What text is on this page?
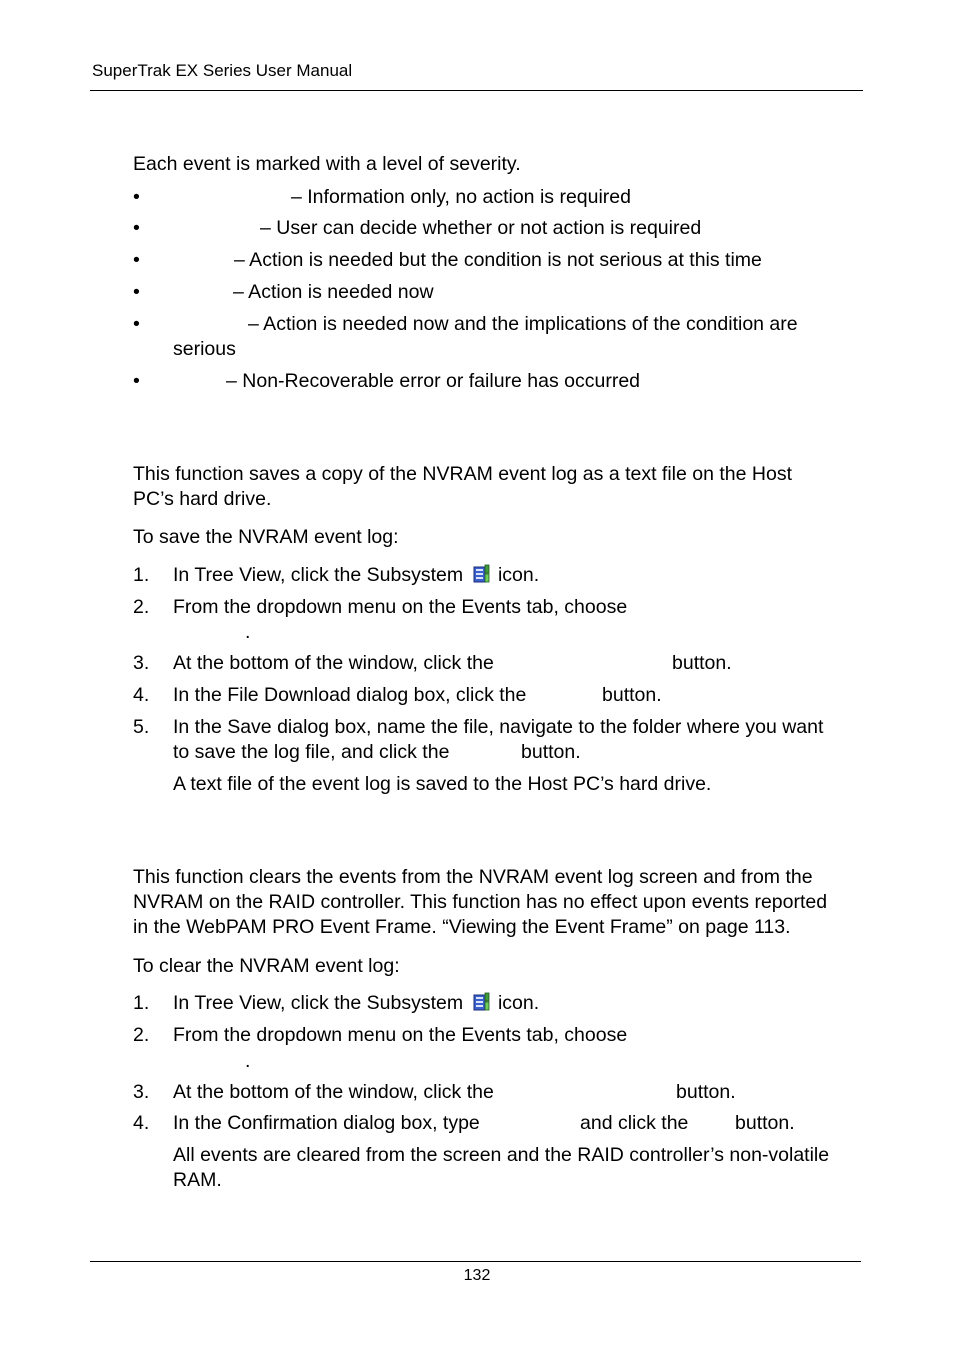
SuperTrak EX Series User Manual
Each event is marked with a level of severity.
•	– Information only, no action is required
•	– User can decide whether or not action is required
•	– Action is needed but the condition is not serious at this time
•	– Action is needed now
•	– Action is needed now and the implications of the condition are
serious
•	– Non-Recoverable error or failure has occurred
This function saves a copy of the NVRAM event log as a text file on the Host
PC’s hard drive.
To save the NVRAM event log:
1. In Tree View, click the Subsystem icon.
2. From the dropdown menu on the Events tab, choose
.
3. At the bottom of the window, click the	button.
4. In the File Download dialog box, click the	button.
5. In the Save dialog box, name the file, navigate to the folder where you want
to save the log file, and click the	button.
A text file of the event log is saved to the Host PC’s hard drive.
This function clears the events from the NVRAM event log screen and from the
NVRAM on the RAID controller. This function has no effect upon events reported
in the WebPAM PRO Event Frame. “Viewing the Event Frame” on page 113.
To clear the NVRAM event log:
1. In Tree View, click the Subsystem icon.
2. From the dropdown menu on the Events tab, choose
.
3. At the bottom of the window, click the	button.
4. In the Confirmation dialog box, type	and click the button.
All events are cleared from the screen and the RAID controller’s non-volatile
RAM.
132
